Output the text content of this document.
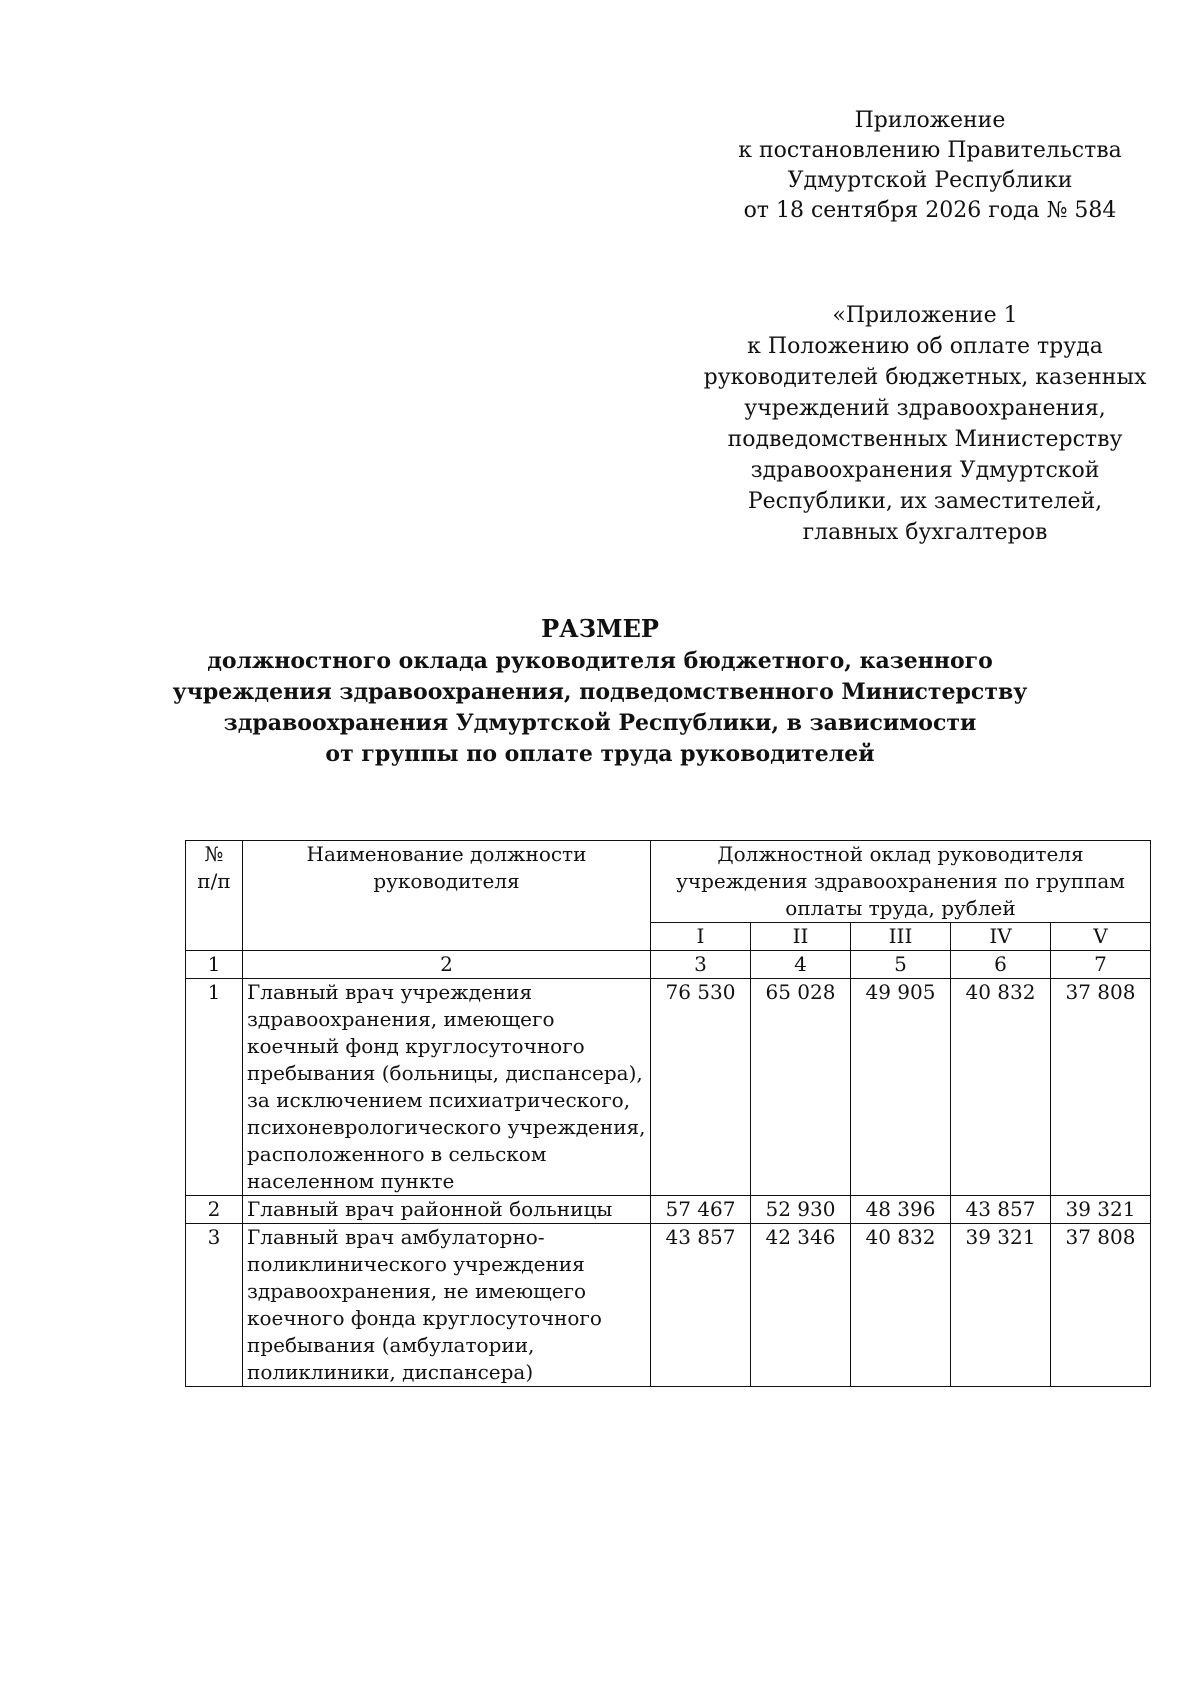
Приложение
к постановлению Правительства
Удмуртской Республики
от 18 сентября 2026 года № 584
«Приложение 1
к Положению об оплате труда
руководителей бюджетных, казенных
учреждений здравоохранения,
подведомственных Министерству
здравоохранения Удмуртской
Республики, их заместителей,
главных бухгалтеров
РАЗМЕР
должностного оклада руководителя бюджетного, казенного
учреждения здравоохранения, подведомственного Министерству
здравоохранения Удмуртской Республики, в зависимости
от группы по оплате труда руководителей
№
п/п	Наименование должности руководителя	Должностной оклад руководителя учреждения здравоохранения по группам оплаты труда, рублей				
		I	II	III	IV	V
1	2	3	4	5	6	7
1	Главный врач учреждения здравоохранения, имеющего коечный фонд круглосуточного пребывания (больницы, диспансера), за исключением психиатрического, психоневрологического учреждения, расположенного в сельском населенном пункте	76 530	65 028	49 905	40 832	37 808
2	Главный врач районной больницы	57 467	52 930	48 396	43 857	39 321
3	Главный врач амбулаторно-поликлинического учреждения здравоохранения, не имеющего коечного фонда круглосуточного пребывания (амбулатории, поликлиники, диспансера)	43 857	42 346	40 832	39 321	37 808
